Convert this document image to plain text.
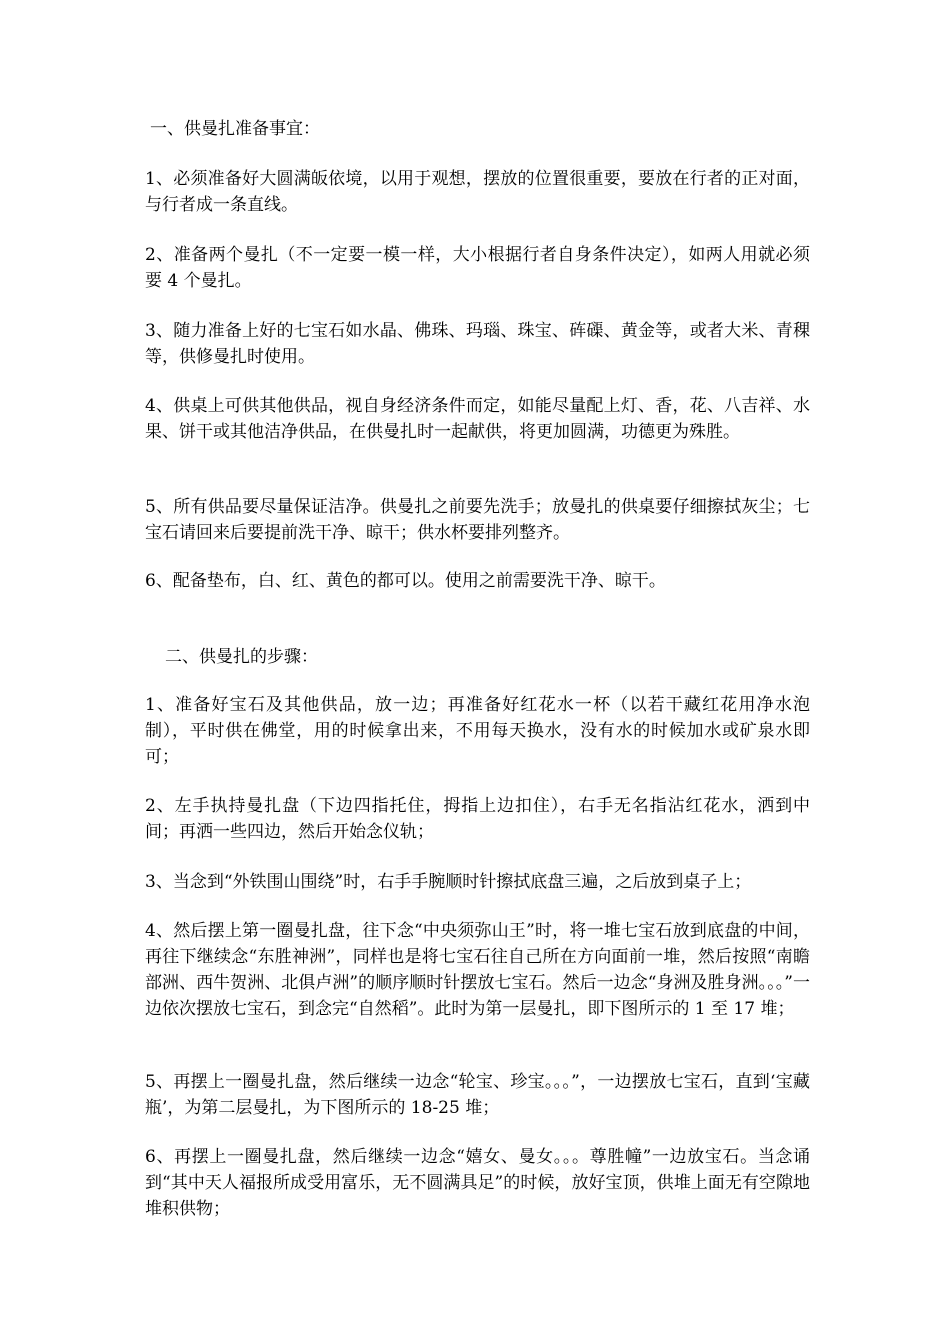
一、供曼扎准备事宜：

1、必须准备好大圆满皈依境，以用于观想，摆放的位置很重要，要放在行者的正对面，与行者成一条直线。

2、准备两个曼扎（不一定要一模一样，大小根据行者自身条件决定），如两人用就必须要 4 个曼扎。

3、随力准备上好的七宝石如水晶、佛珠、玛瑙、珠宝、砗磲、黄金等，或者大米、青稞等，供修曼扎时使用。

4、供桌上可供其他供品，视自身经济条件而定，如能尽量配上灯、香，花、八吉祥、水果、饼干或其他洁净供品，在供曼扎时一起献供，将更加圆满，功德更为殊胜。

5、所有供品要尽量保证洁净。供曼扎之前要先洗手；放曼扎的供桌要仔细擦拭灰尘；七宝石请回来后要提前洗干净、晾干；供水杯要排列整齐。

6、配备垫布，白、红、黄色的都可以。使用之前需要洗干净、晾干。

二、供曼扎的步骤：

1、准备好宝石及其他供品，放一边；再准备好红花水一杯（以若干藏红花用净水泡制），平时供在佛堂，用的时候拿出来，不用每天换水，没有水的时候加水或矿泉水即可；

2、左手执持曼扎盘（下边四指托住，拇指上边扣住），右手无名指沾红花水，洒到中间；再洒一些四边，然后开始念仪轨；

3、当念到“外铁围山围绕”时，右手手腕顺时针擦拭底盘三遍，之后放到桌子上；

4、然后摆上第一圈曼扎盘，往下念“中央须弥山王”时，将一堆七宝石放到底盘的中间，再往下继续念“东胜神洲”，同样也是将七宝石往自己所在方向面前一堆，然后按照“南瞻部洲、西牛贺洲、北俱卢洲”的顺序顺时针摆放七宝石。然后一边念“身洲及胜身洲。。。”一边依次摆放七宝石，到念完“自然稻”。此时为第一层曼扎，即下图所示的 1 至 17 堆；

5、再摆上一圈曼扎盘，然后继续一边念“轮宝、珍宝。。。”，一边摆放七宝石，直到‘宝藏瓶’，为第二层曼扎，为下图所示的 18-25 堆；

6、再摆上一圈曼扎盘，然后继续一边念“嬉女、曼女。。。尊胜幢”一边放宝石。当念诵到“其中天人福报所成受用富乐，无不圆满具足”的时候，放好宝顶，供堆上面无有空隙地堆积供物；
